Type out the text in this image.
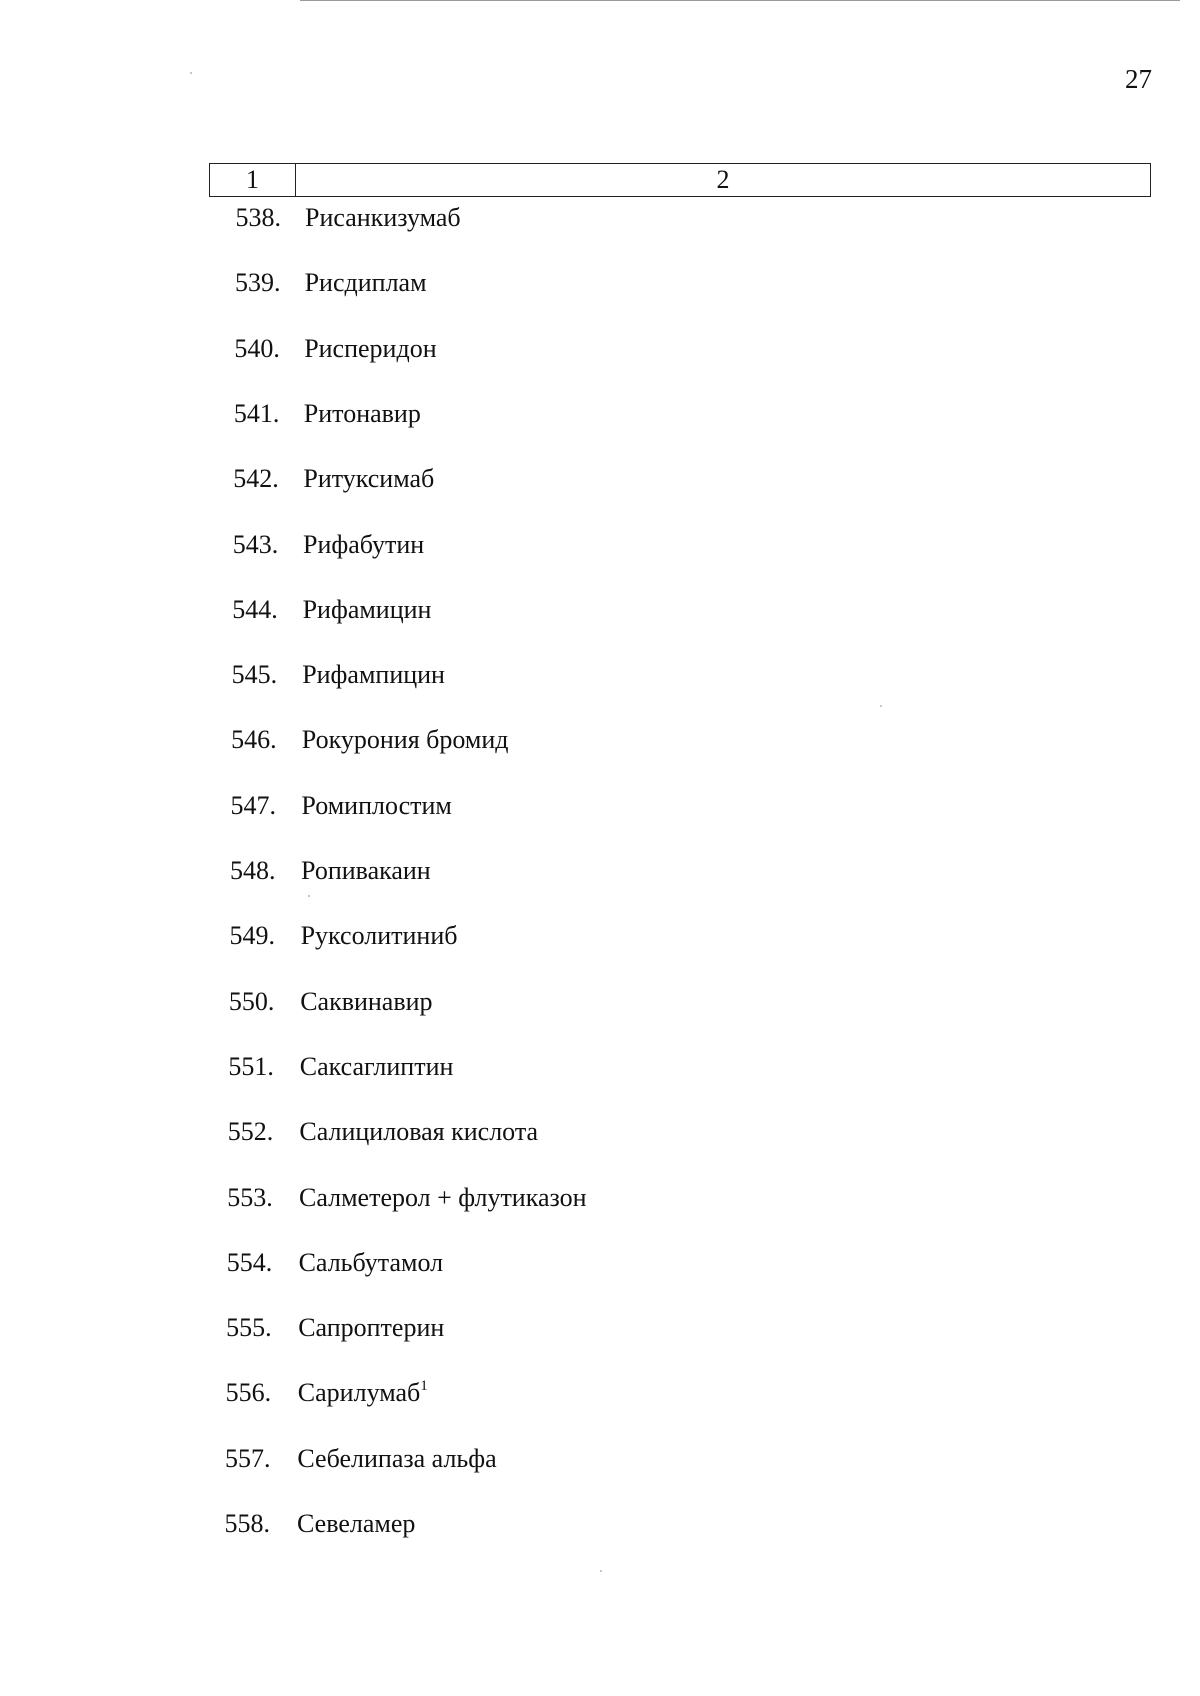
27
1	2
538. Рисанкизумаб
539. Рисдиплам
540. Рисперидон
541. Ритонавир
542. Ритуксимаб
543. Рифабутин
544. Рифамицин
545. Рифампицин
546. Рокурония бромид
547. Ромиплостим
548. Ропивакаин
549. Руксолитиниб
550. Саквинавир
551. Саксаглиптин
552. Салициловая кислота
553. Салметерол + флутиказон
554. Сальбутамол
555. Сапроптерин
556. Сарилумаб$^1$
557. Себелипаза альфа
558. Севеламер
